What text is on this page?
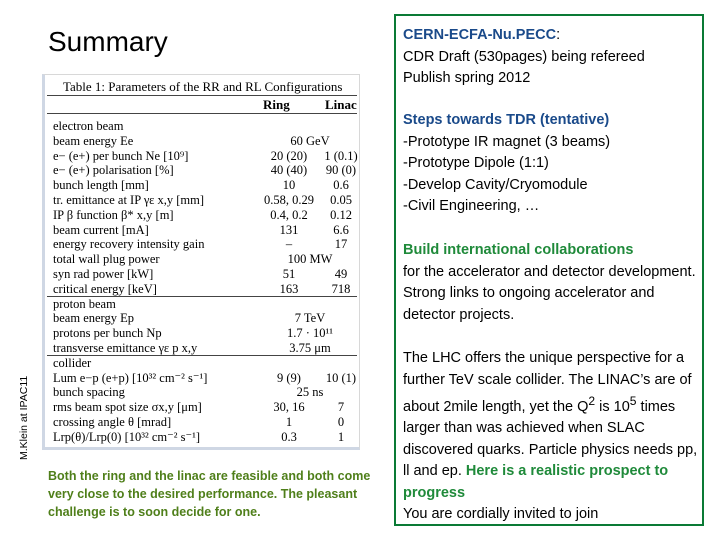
M.Klein at IPAC11
Summary
Table 1: Parameters of the RR and RL Configurations
Ring	Linac
electron beam
beam energy Ee	60 GeV
e− (e+) per bunch Ne [10⁹]	20 (20)	1 (0.1)
e− (e+) polarisation [%]	40 (40)	90 (0)
bunch length [mm]	10	0.6
tr. emittance at IP γε x,y [mm]	0.58, 0.29	0.05
IP β function β* x,y [m]	0.4, 0.2	0.12
beam current [mA]	131	6.6
energy recovery intensity gain	–	17
total wall plug power	100 MW
syn rad power [kW]	51	49
critical energy [keV]	163	718
proton beam
beam energy Ep	7 TeV
protons per bunch Np	1.7 · 10¹¹
transverse emittance γε p x,y	3.75 μm
collider
Lum e−p (e+p) [10³² cm⁻² s⁻¹]	9 (9)	10 (1)
bunch spacing	25 ns
rms beam spot size σx,y [μm]	30, 16	7
crossing angle θ [mrad]	1	0
Lrp(θ)/Lrp(0) [10³² cm⁻² s⁻¹]	0.3	1
Both the ring and the linac are feasible and both come very close to the desired performance. The pleasant challenge is to soon decide for one.
CERN-ECFA-Nu.PECC:
CDR Draft (530pages) being refereed
Publish spring 2012
Steps towards TDR (tentative)
-Prototype IR magnet (3 beams)
-Prototype Dipole (1:1)
-Develop Cavity/Cryomodule
-Civil Engineering, …
Build international collaborations
for the accelerator and detector development. Strong links to ongoing accelerator and detector projects.
The LHC offers the unique perspective for a further TeV scale collider. The LINAC’s are of about 2mile length, yet the $Q^2$ is $10^5$ times larger than was achieved when SLAC discovered quarks. Particle physics needs pp, ll and ep. Here is a realistic prospect to progress
You are cordially invited to join
